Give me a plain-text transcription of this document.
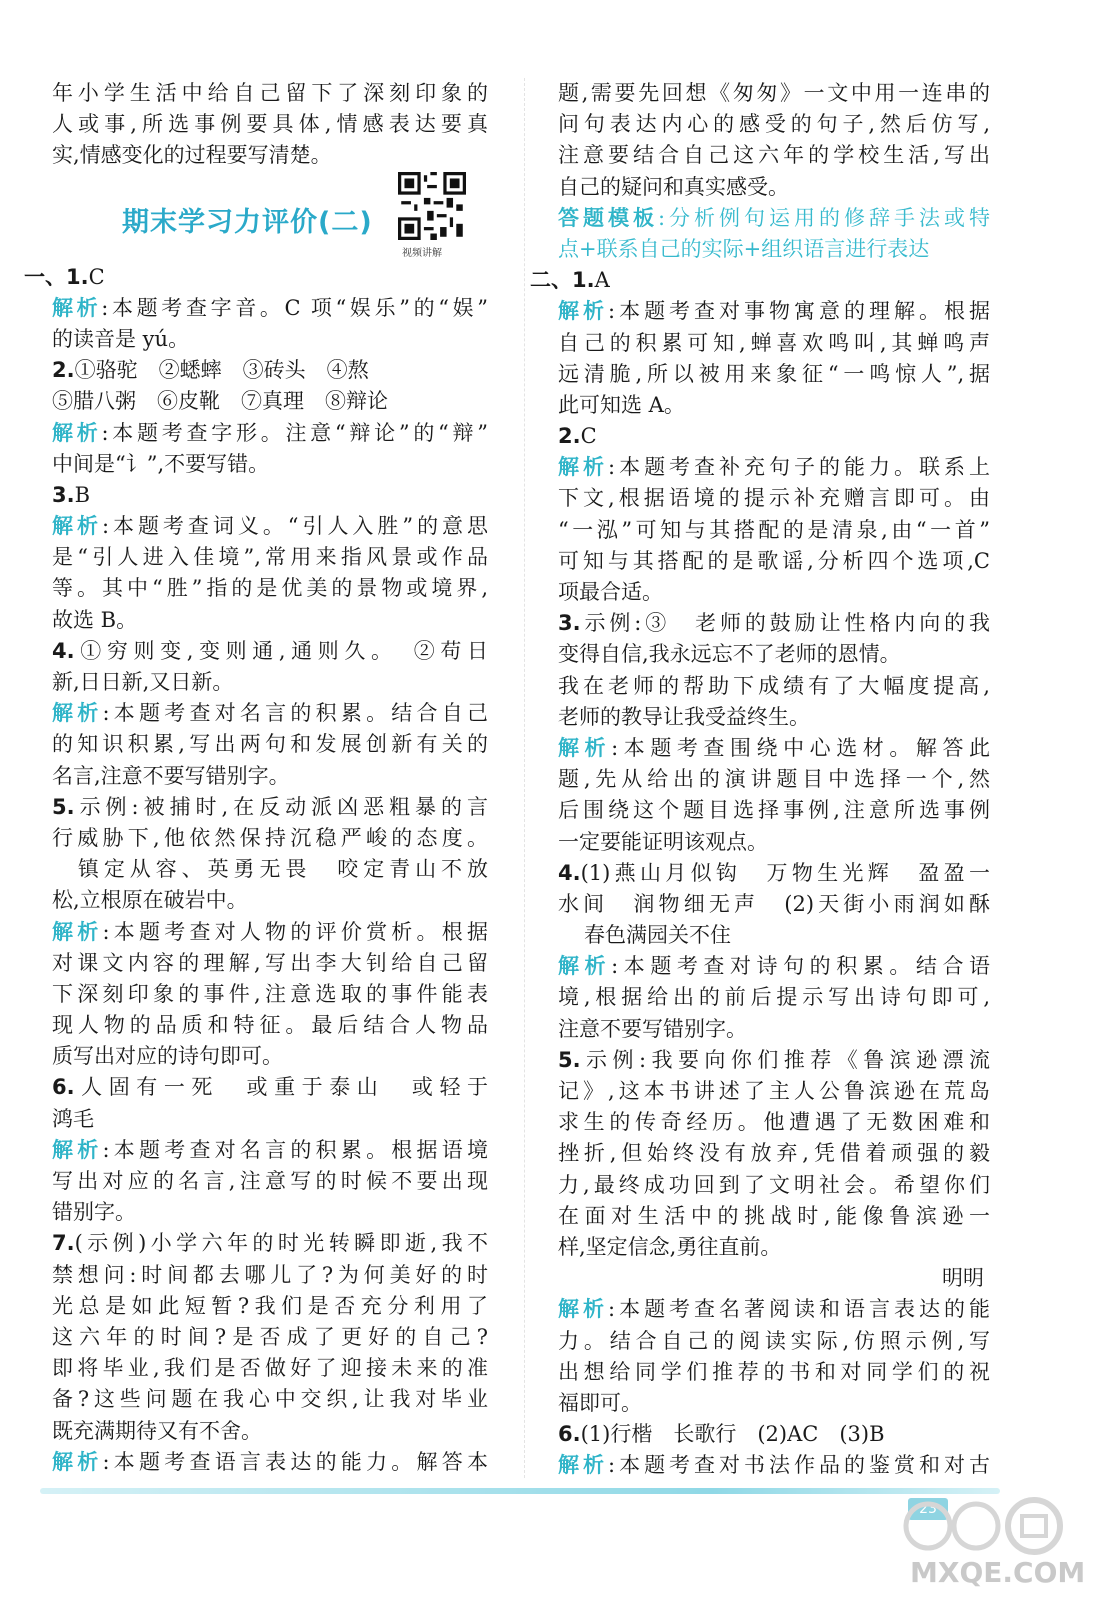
年小学生活中给自己留下了深刻印象的
人或事,所选事例要具体,情感表达要真
实,情感变化的过程要写清楚。
期末学习力评价(二)
视频讲解
一、1.C
解析:本题考查字音。C 项“娱乐”的“娱”
的读音是 yú。
2.①骆驼　②蟋蟀　③砖头　④熬
⑤腊八粥　⑥皮靴　⑦真理　⑧辩论
解析:本题考查字形。注意“辩论”的“辩”
中间是“讠”,不要写错。
3.B
解析:本题考查词义。“引人入胜”的意思
是“引人进入佳境”,常用来指风景或作品
等。其中“胜”指的是优美的景物或境界,
故选 B。
4.①穷则变,变则通,通则久。　②苟日
新,日日新,又日新。
解析:本题考查对名言的积累。结合自己
的知识积累,写出两句和发展创新有关的
名言,注意不要写错别字。
5.示例:被捕时,在反动派凶恶粗暴的言
行威胁下,他依然保持沉稳严峻的态度。
　镇定从容、英勇无畏　咬定青山不放
松,立根原在破岩中。
解析:本题考查对人物的评价赏析。根据
对课文内容的理解,写出李大钊给自己留
下深刻印象的事件,注意选取的事件能表
现人物的品质和特征。最后结合人物品
质写出对应的诗句即可。
6.人固有一死　或重于泰山　或轻于
鸿毛
解析:本题考查对名言的积累。根据语境
写出对应的名言,注意写的时候不要出现
错别字。
7.(示例)小学六年的时光转瞬即逝,我不
禁想问:时间都去哪儿了?为何美好的时
光总是如此短暂?我们是否充分利用了
这六年的时间?是否成了更好的自己?
即将毕业,我们是否做好了迎接未来的准
备?这些问题在我心中交织,让我对毕业
既充满期待又有不舍。
解析:本题考查语言表达的能力。解答本
题,需要先回想《匆匆》一文中用一连串的
问句表达内心的感受的句子,然后仿写,
注意要结合自己这六年的学校生活,写出
自己的疑问和真实感受。
答题模板:分析例句运用的修辞手法或特
点+联系自己的实际+组织语言进行表达
二、1.A
解析:本题考查对事物寓意的理解。根据
自己的积累可知,蝉喜欢鸣叫,其蝉鸣声
远清脆,所以被用来象征“一鸣惊人”,据
此可知选 A。
2.C
解析:本题考查补充句子的能力。联系上
下文,根据语境的提示补充赠言即可。由
“一泓”可知与其搭配的是清泉,由“一首”
可知与其搭配的是歌谣,分析四个选项,C
项最合适。
3.示例:③　老师的鼓励让性格内向的我
变得自信,我永远忘不了老师的恩情。
我在老师的帮助下成绩有了大幅度提高,
老师的教导让我受益终生。
解析:本题考查围绕中心选材。解答此
题,先从给出的演讲题目中选择一个,然
后围绕这个题目选择事例,注意所选事例
一定要能证明该观点。
4.(1)燕山月似钩　万物生光辉　盈盈一
水间　润物细无声　(2)天街小雨润如酥
春色满园关不住
解析:本题考查对诗句的积累。结合语
境,根据给出的前后提示写出诗句即可,
注意不要写错别字。
5.示例:我要向你们推荐《鲁滨逊漂流
记》,这本书讲述了主人公鲁滨逊在荒岛
求生的传奇经历。他遭遇了无数困难和
挫折,但始终没有放弃,凭借着顽强的毅
力,最终成功回到了文明社会。希望你们
在面对生活中的挑战时,能像鲁滨逊一
样,坚定信念,勇往直前。
明明
解析:本题考查名著阅读和语言表达的能
力。结合自己的阅读实际,仿照示例,写
出想给同学们推荐的书和对同学们的祝
福即可。
6.(1)行楷　长歌行　(2)AC　(3)B
解析:本题考查对书法作品的鉴赏和对古
23
MXQE.COM
